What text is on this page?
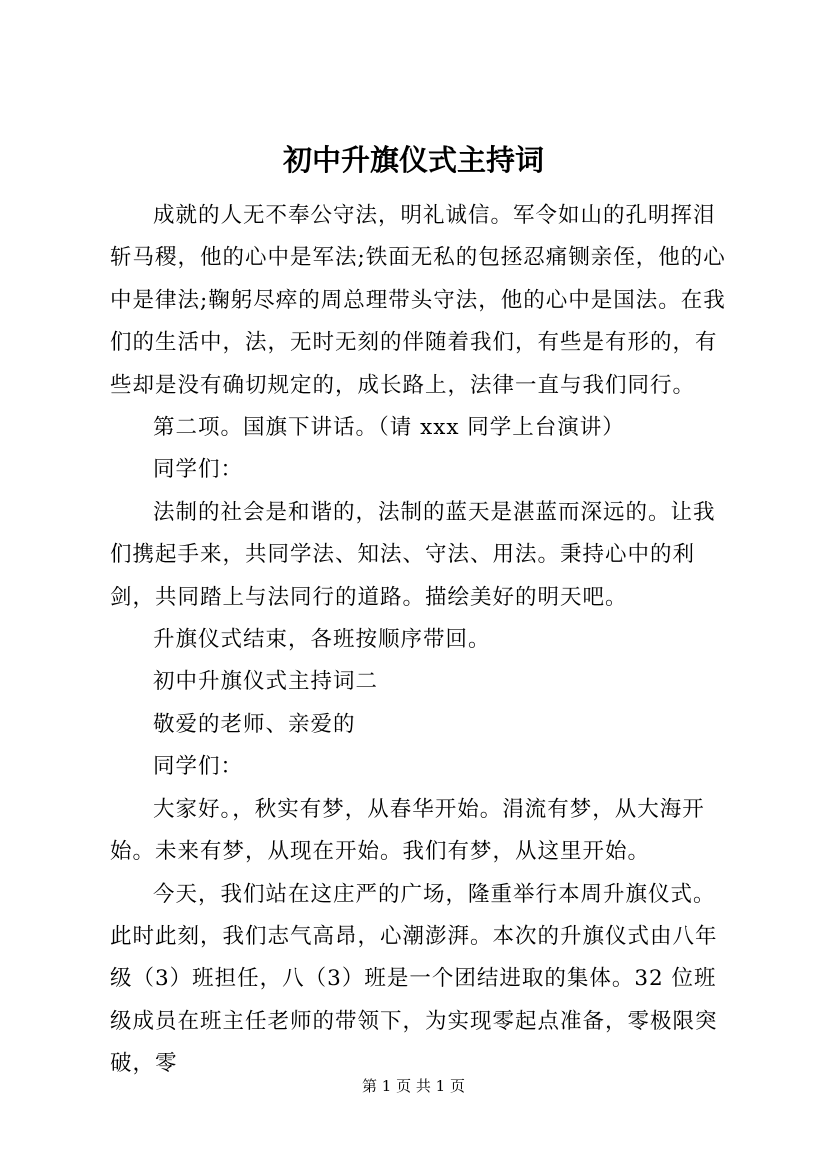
初中升旗仪式主持词

成就的人无不奉公守法，明礼诚信。军令如山的孔明挥泪斩马稷，他的心中是军法;铁面无私的包拯忍痛铡亲侄，他的心中是律法;鞠躬尽瘁的周总理带头守法，他的心中是国法。在我们的生活中，法，无时无刻的伴随着我们，有些是有形的，有些却是没有确切规定的，成长路上，法律一直与我们同行。

第二项。国旗下讲话。（请 xxx 同学上台演讲）

同学们：

法制的社会是和谐的，法制的蓝天是湛蓝而深远的。让我们携起手来，共同学法、知法、守法、用法。秉持心中的利剑，共同踏上与法同行的道路。描绘美好的明天吧。

升旗仪式结束，各班按顺序带回。

初中升旗仪式主持词二

敬爱的老师、亲爱的

同学们：

大家好。，秋实有梦，从春华开始。涓流有梦，从大海开始。未来有梦，从现在开始。我们有梦，从这里开始。

今天，我们站在这庄严的广场，隆重举行本周升旗仪式。此时此刻，我们志气高昂，心潮澎湃。本次的升旗仪式由八年级（3）班担任，八（3）班是一个团结进取的集体。32 位班级成员在班主任老师的带领下，为实现零起点准备，零极限突破，零

第 1 页 共 1 页
